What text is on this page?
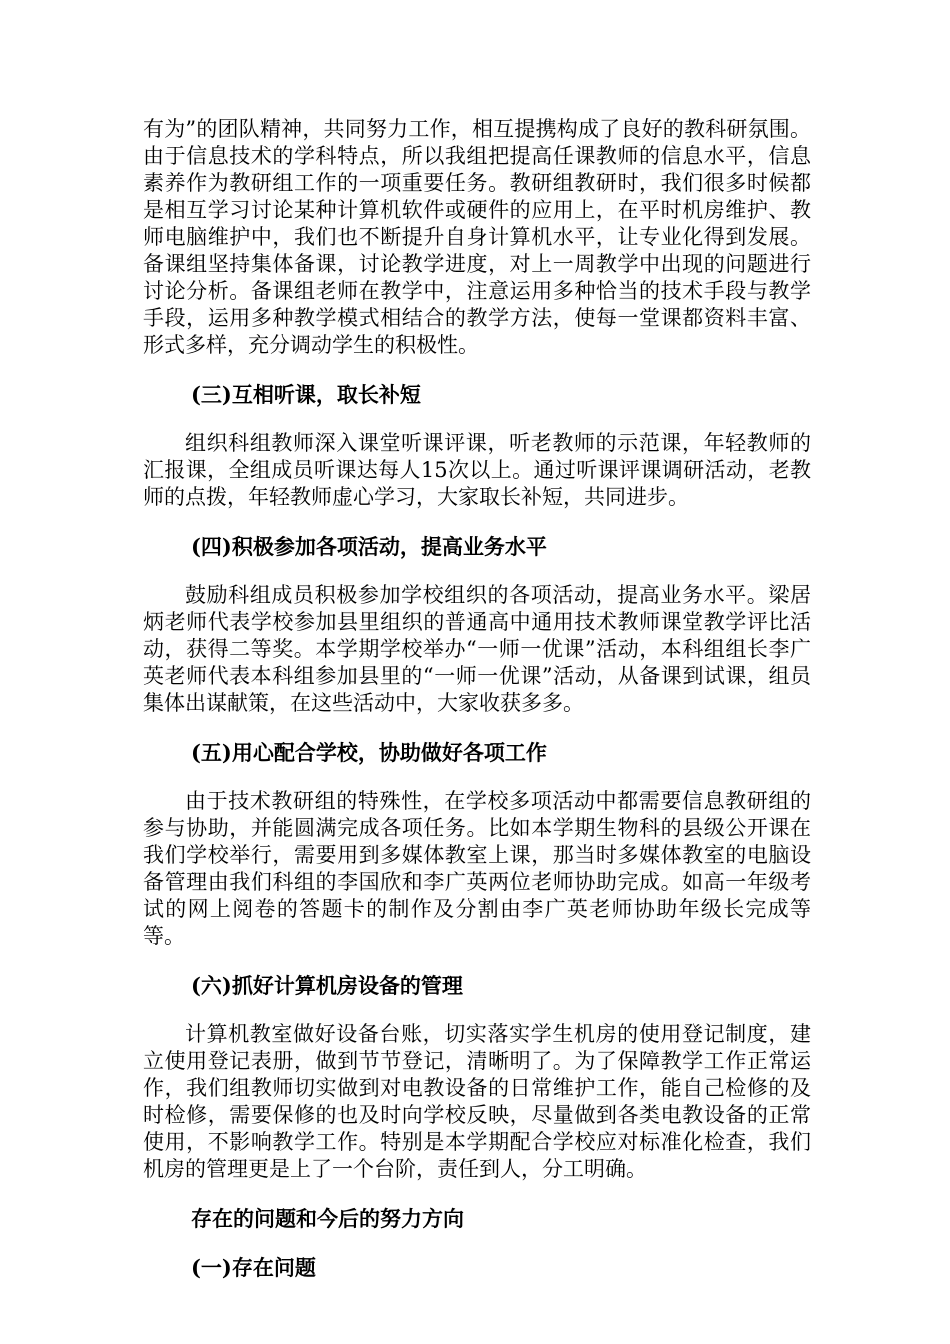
有为”的团队精神，共同努力工作，相互提携构成了良好的教科研氛围。由于信息技术的学科特点，所以我组把提高任课教师的信息水平，信息素养作为教研组工作的一项重要任务。教研组教研时，我们很多时候都是相互学习讨论某种计算机软件或硬件的应用上，在平时机房维护、教师电脑维护中，我们也不断提升自身计算机水平，让专业化得到发展。备课组坚持集体备课，讨论教学进度，对上一周教学中出现的问题进行讨论分析。备课组老师在教学中，注意运用多种恰当的技术手段与教学手段，运用多种教学模式相结合的教学方法，使每一堂课都资料丰富、形式多样，充分调动学生的积极性。

(三)互相听课，取长补短

组织科组教师深入课堂听课评课，听老教师的示范课，年轻教师的汇报课，全组成员听课达每人15次以上。通过听课评课调研活动，老教师的点拨，年轻教师虚心学习，大家取长补短，共同进步。

(四)积极参加各项活动，提高业务水平

鼓励科组成员积极参加学校组织的各项活动，提高业务水平。梁居炳老师代表学校参加县里组织的普通高中通用技术教师课堂教学评比活动，获得二等奖。本学期学校举办“一师一优课”活动，本科组组长李广英老师代表本科组参加县里的“一师一优课”活动，从备课到试课，组员集体出谋献策，在这些活动中，大家收获多多。

(五)用心配合学校，协助做好各项工作

由于技术教研组的特殊性，在学校多项活动中都需要信息教研组的参与协助，并能圆满完成各项任务。比如本学期生物科的县级公开课在我们学校举行，需要用到多媒体教室上课，那当时多媒体教室的电脑设备管理由我们科组的李国欣和李广英两位老师协助完成。如高一年级考试的网上阅卷的答题卡的制作及分割由李广英老师协助年级长完成等等。

(六)抓好计算机房设备的管理

计算机教室做好设备台账，切实落实学生机房的使用登记制度，建立使用登记表册，做到节节登记，清晰明了。为了保障教学工作正常运作，我们组教师切实做到对电教设备的日常维护工作，能自己检修的及时检修，需要保修的也及时向学校反映，尽量做到各类电教设备的正常使用，不影响教学工作。特别是本学期配合学校应对标准化检查，我们机房的管理更是上了一个台阶，责任到人，分工明确。

存在的问题和今后的努力方向

(一)存在问题
